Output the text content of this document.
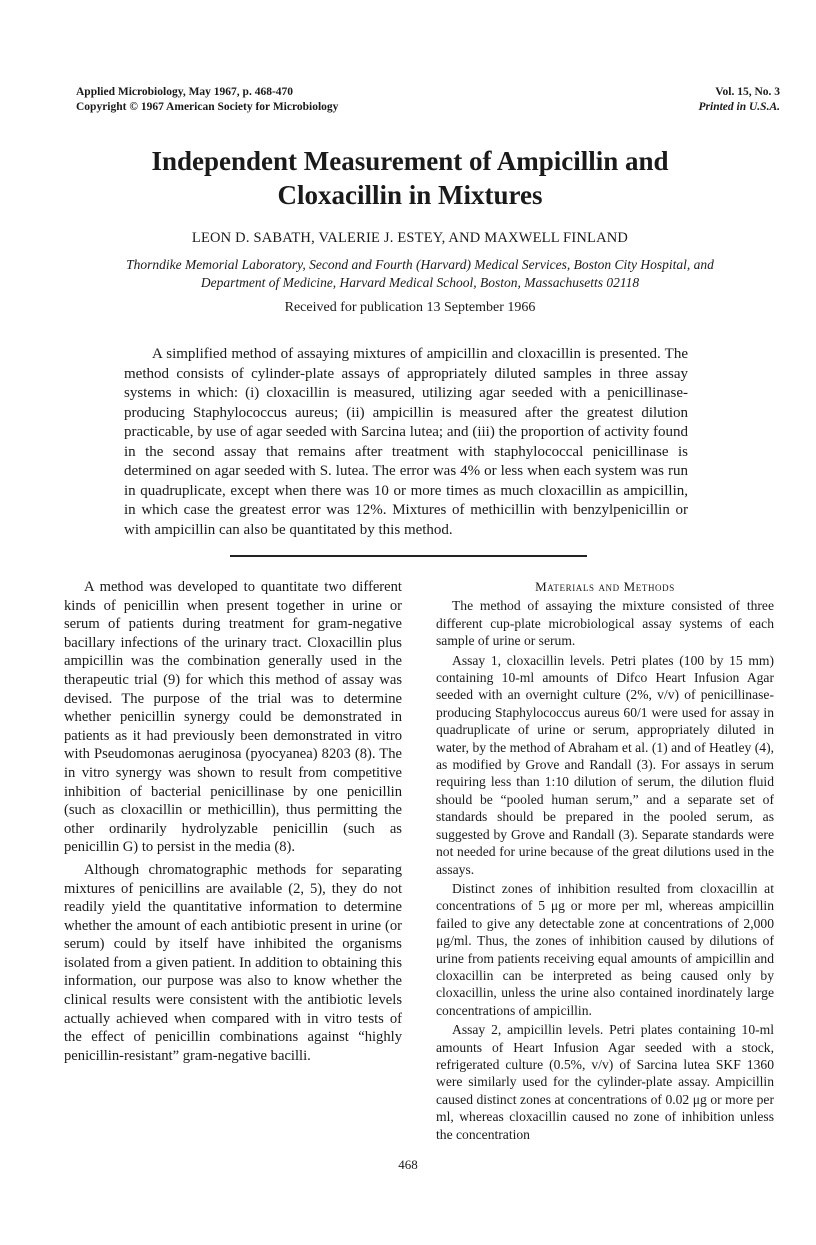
Applied Microbiology, May 1967, p. 468-470
Copyright © 1967 American Society for Microbiology
Vol. 15, No. 3
Printed in U.S.A.
Independent Measurement of Ampicillin and
Cloxacillin in Mixtures
LEON D. SABATH, VALERIE J. ESTEY, AND MAXWELL FINLAND
Thorndike Memorial Laboratory, Second and Fourth (Harvard) Medical Services, Boston City Hospital, and
Department of Medicine, Harvard Medical School, Boston, Massachusetts 02118
Received for publication 13 September 1966
A simplified method of assaying mixtures of ampicillin and cloxacillin is presented. The method consists of cylinder-plate assays of appropriately diluted samples in three assay systems in which: (i) cloxacillin is measured, utilizing agar seeded with a penicillinase-producing Staphylococcus aureus; (ii) ampicillin is measured after the greatest dilution practicable, by use of agar seeded with Sarcina lutea; and (iii) the proportion of activity found in the second assay that remains after treatment with staphylococcal penicillinase is determined on agar seeded with S. lutea. The error was 4% or less when each system was run in quadruplicate, except when there was 10 or more times as much cloxacillin as ampicillin, in which case the greatest error was 12%. Mixtures of methicillin with benzylpenicillin or with ampicillin can also be quantitated by this method.

A method was developed to quantitate two different kinds of penicillin when present together in urine or serum of patients during treatment for gram-negative bacillary infections of the urinary tract. Cloxacillin plus ampicillin was the combination generally used in the therapeutic trial (9) for which this method of assay was devised. The purpose of the trial was to determine whether penicillin synergy could be demonstrated in patients as it had previously been demonstrated in vitro with Pseudomonas aeruginosa (pyocyanea) 8203 (8). The in vitro synergy was shown to result from competitive inhibition of bacterial penicillinase by one penicillin (such as cloxacillin or methicillin), thus permitting the other ordinarily hydrolyzable penicillin (such as penicillin G) to persist in the media (8).

Although chromatographic methods for separating mixtures of penicillins are available (2, 5), they do not readily yield the quantitative information to determine whether the amount of each antibiotic present in urine (or serum) could by itself have inhibited the organisms isolated from a given patient. In addition to obtaining this information, our purpose was also to know whether the clinical results were consistent with the antibiotic levels actually achieved when compared with in vitro tests of the effect of penicillin combinations against “highly penicillin-resistant” gram-negative bacilli.

Materials and Methods

The method of assaying the mixture consisted of three different cup-plate microbiological assay systems of each sample of urine or serum.

Assay 1, cloxacillin levels. Petri plates (100 by 15 mm) containing 10-ml amounts of Difco Heart Infusion Agar seeded with an overnight culture (2%, v/v) of penicillinase-producing Staphylococcus aureus 60/1 were used for assay in quadruplicate of urine or serum, appropriately diluted in water, by the method of Abraham et al. (1) and of Heatley (4), as modified by Grove and Randall (3). For assays in serum requiring less than 1:10 dilution of serum, the dilution fluid should be “pooled human serum,” and a separate set of standards should be prepared in the pooled serum, as suggested by Grove and Randall (3). Separate standards were not needed for urine because of the great dilutions used in the assays.

Distinct zones of inhibition resulted from cloxacillin at concentrations of 5 μg or more per ml, whereas ampicillin failed to give any detectable zone at concentrations of 2,000 μg/ml. Thus, the zones of inhibition caused by dilutions of urine from patients receiving equal amounts of ampicillin and cloxacillin can be interpreted as being caused only by cloxacillin, unless the urine also contained inordinately large concentrations of ampicillin.

Assay 2, ampicillin levels. Petri plates containing 10-ml amounts of Heart Infusion Agar seeded with a stock, refrigerated culture (0.5%, v/v) of Sarcina lutea SKF 1360 were similarly used for the cylinder-plate assay. Ampicillin caused distinct zones at concentrations of 0.02 μg or more per ml, whereas cloxacillin caused no zone of inhibition unless the concentration

468
